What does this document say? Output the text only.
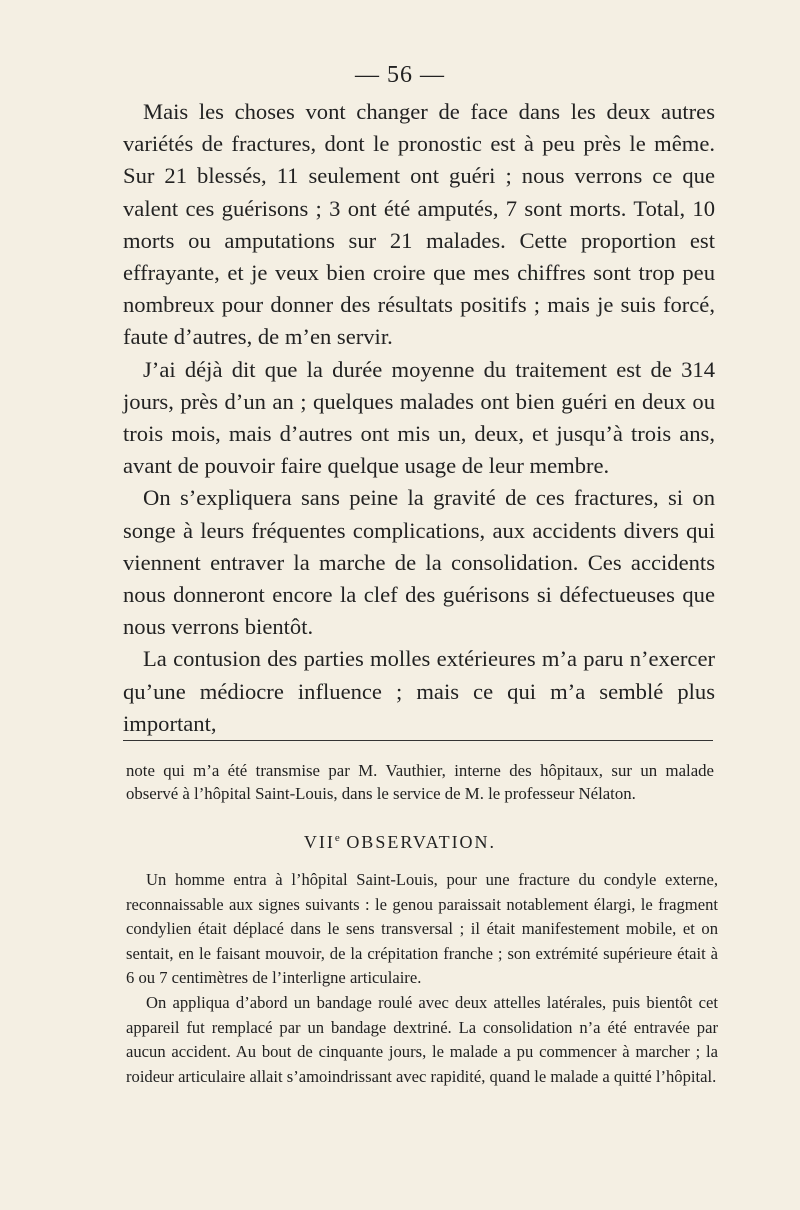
— 56 —

Mais les choses vont changer de face dans les deux autres variétés de fractures, dont le pronostic est à peu près le même. Sur 21 blessés, 11 seulement ont guéri ; nous verrons ce que valent ces guérisons ; 3 ont été amputés, 7 sont morts. Total, 10 morts ou amputations sur 21 malades. Cette proportion est effrayante, et je veux bien croire que mes chiffres sont trop peu nombreux pour donner des résultats positifs ; mais je suis forcé, faute d’autres, de m’en servir.

J’ai déjà dit que la durée moyenne du traitement est de 314 jours, près d’un an ; quelques malades ont bien guéri en deux ou trois mois, mais d’autres ont mis un, deux, et jusqu’à trois ans, avant de pouvoir faire quelque usage de leur membre.

On s’expliquera sans peine la gravité de ces fractures, si on songe à leurs fréquentes complications, aux accidents divers qui viennent entraver la marche de la consolidation. Ces accidents nous donneront encore la clef des guérisons si défectueuses que nous verrons bientôt.

La contusion des parties molles extérieures m’a paru n’exercer qu’une médiocre influence ; mais ce qui m’a semblé plus important,

note qui m’a été transmise par M. Vauthier, interne des hôpitaux, sur un malade observé à l’hôpital Saint-Louis, dans le service de M. le professeur Nélaton.

VIIe OBSERVATION.

Un homme entra à l’hôpital Saint-Louis, pour une fracture du condyle externe, reconnaissable aux signes suivants : le genou paraissait notablement élargi, le fragment condylien était déplacé dans le sens transversal ; il était manifestement mobile, et on sentait, en le faisant mouvoir, de la crépitation franche ; son extrémité supérieure était à 6 ou 7 centimètres de l’interligne articulaire.

On appliqua d’abord un bandage roulé avec deux attelles latérales, puis bientôt cet appareil fut remplacé par un bandage dextriné. La consolidation n’a été entravée par aucun accident. Au bout de cinquante jours, le malade a pu commencer à marcher ; la roideur articulaire allait s’amoindrissant avec rapidité, quand le malade a quitté l’hôpital.
